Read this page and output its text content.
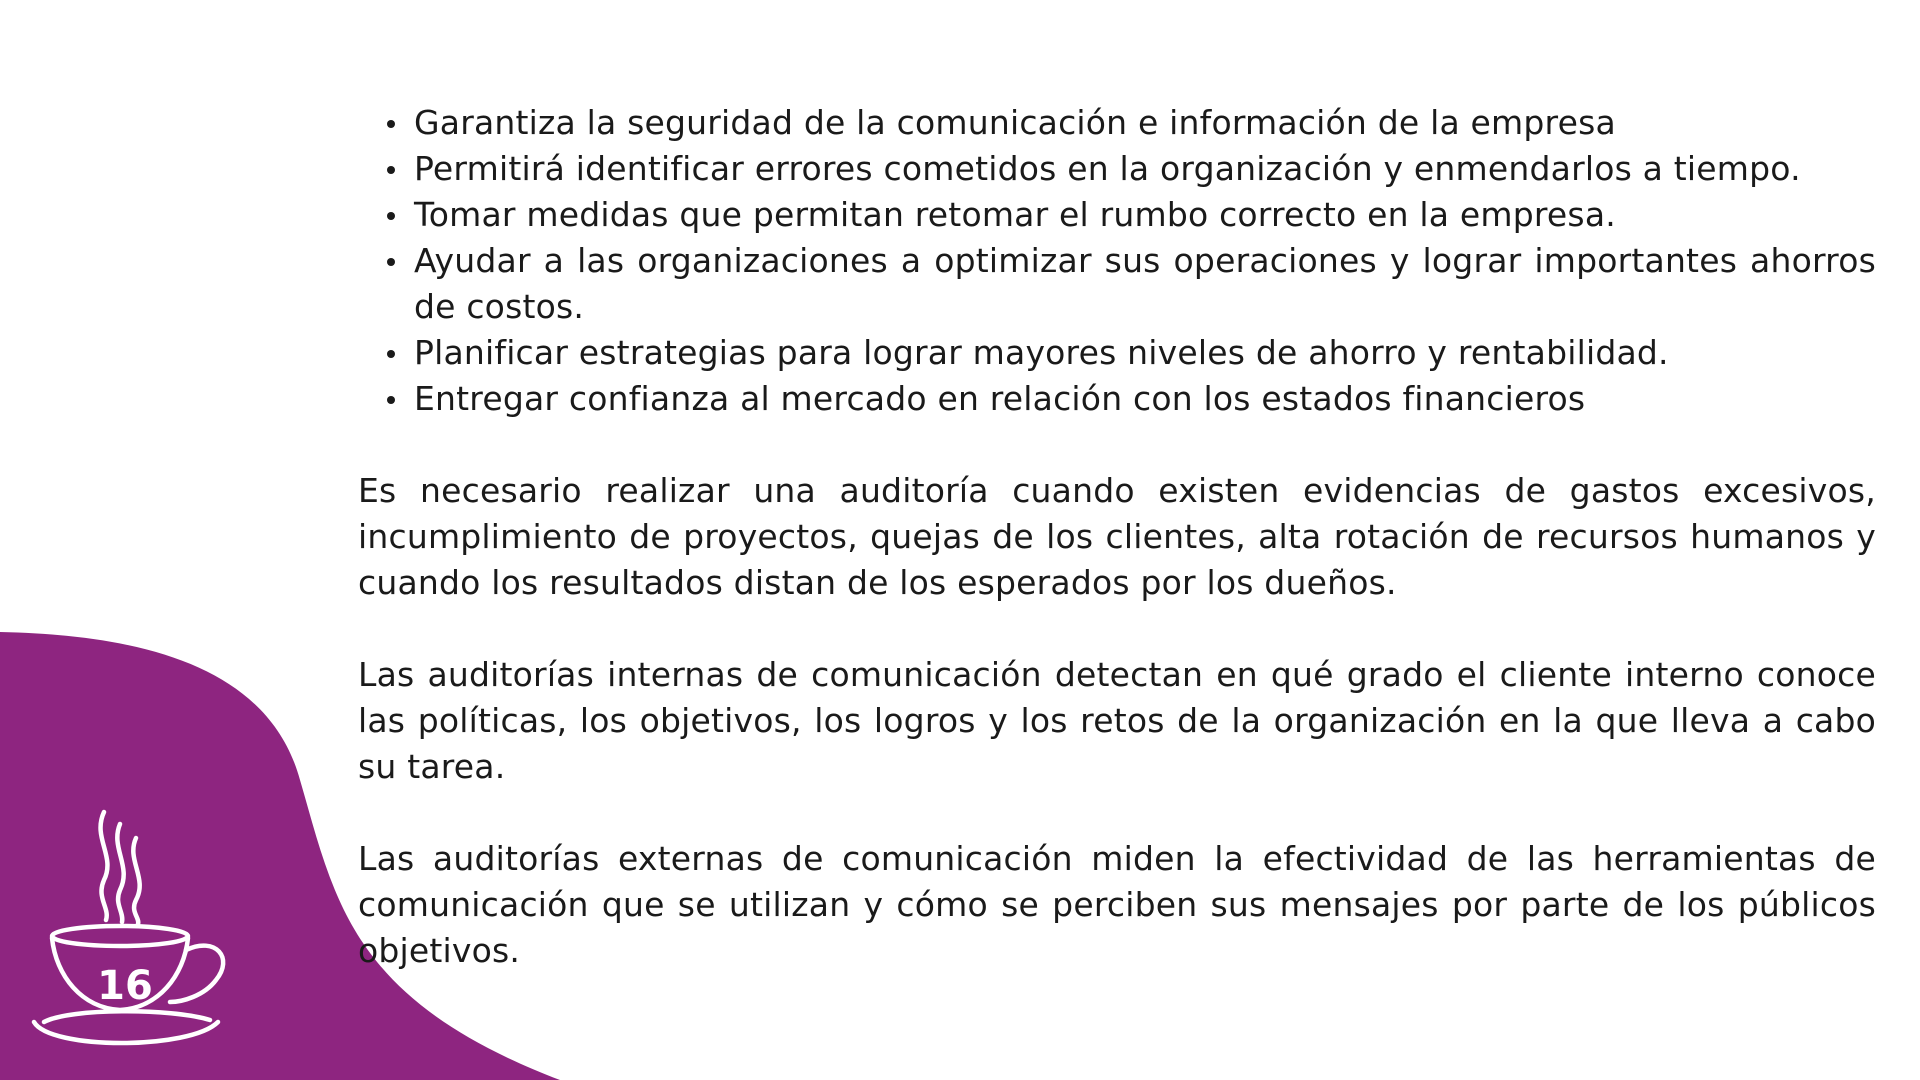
Garantiza la seguridad de la comunicación e información de la empresa
Permitirá identificar errores cometidos en la organización y enmendarlos a tiempo.
Tomar medidas que permitan retomar el rumbo correcto en la empresa.
Ayudar a las organizaciones a optimizar sus operaciones y lograr importantes ahorros de costos.
Planificar estrategias para lograr mayores niveles de ahorro y rentabilidad.
Entregar confianza al mercado en relación con los estados financieros

Es necesario realizar una auditoría cuando existen evidencias de gastos excesivos, incumplimiento de proyectos, quejas de los clientes, alta rotación de recursos humanos y cuando los resultados distan de los esperados por los dueños.

Las auditorías internas de comunicación detectan en qué grado el cliente interno conoce las políticas, los objetivos, los logros y los retos de la organización en la que lleva a cabo su tarea.

Las auditorías externas de comunicación miden la efectividad de las herramientas de comunicación que se utilizan y cómo se perciben sus mensajes por parte de los públicos objetivos.

16
